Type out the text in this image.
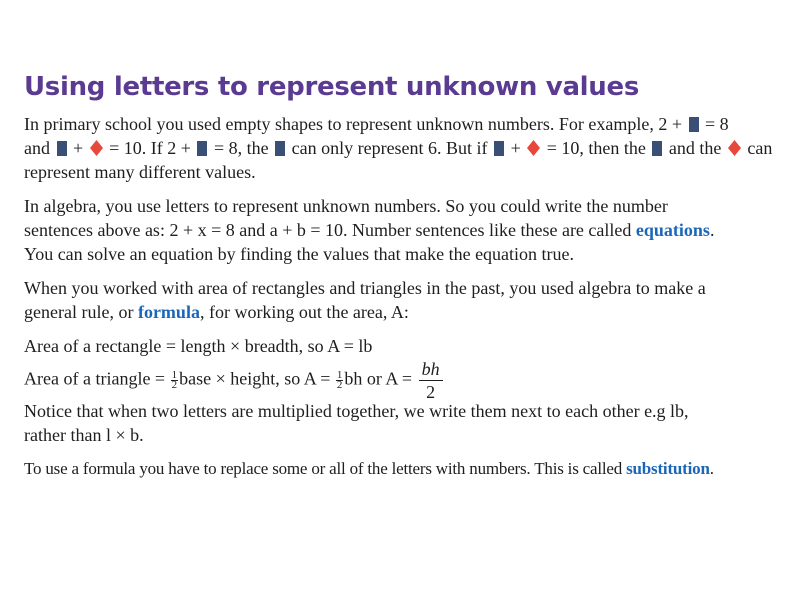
Using letters to represent unknown values

In primary school you used empty shapes to represent unknown numbers. For example, 2 + = 8

and + = 10. If 2 + = 8, the can only represent 6. But if + = 10, then the and the can

represent many different values.

In algebra, you use letters to represent unknown numbers. So you could write the number

sentences above as: 2 + x = 8 and a + b = 10. Number sentences like these are called equations.

You can solve an equation by finding the values that make the equation true.

When you worked with area of rectangles and triangles in the past, you used algebra to make a

general rule, or formula, for working out the area, A:

Area of a rectangle = length × breadth, so A = lb

Area of a triangle = $\frac{1}{2}$ base × height, so $A = \frac{1}{2}$ bh or $A = \frac{bh}{2}$

Notice that when two letters are multiplied together, we write them next to each other e.g lb,

rather than l × b.

To use a formula you have to replace some or all of the letters with numbers. This is called substitution.
